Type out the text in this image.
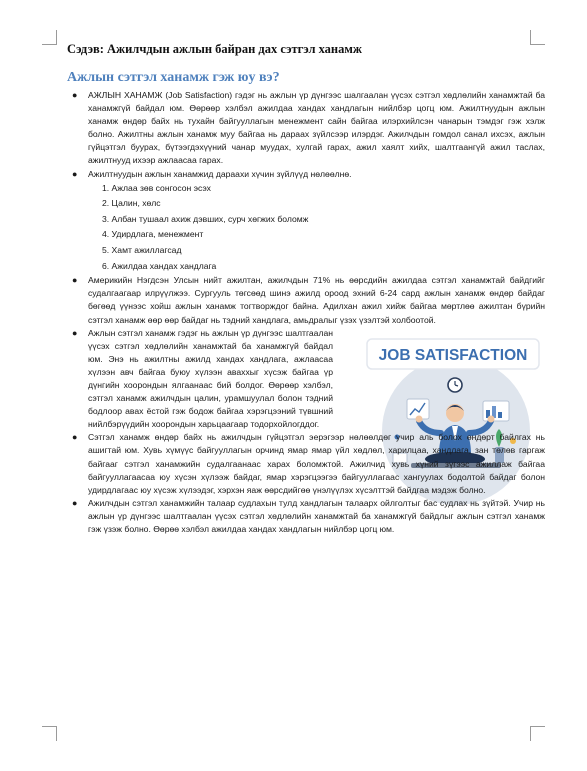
Сэдэв: Ажилчдын ажлын байран дах сэтгэл ханамж
Ажлын сэтгэл ханамж гэж юу вэ?
● АЖЛЫН ХАНАМЖ (Job Satisfaction) гэдэг нь ажлын үр дүнгээс шалгаалан үүсэх сэтгэл хөдлөлийн ханамжтай ба ханамжгүй байдал юм. Өөрөөр хэлбэл ажилдаа хандах хандлагын нийлбэр цогц юм. Ажилтнуудын ажлын ханамж өндөр байх нь тухайн байгууллагын менежмент сайн байгаа илэрхийлсэн чанарын тэмдэг гэж хэлж болно. Ажилтны ажлын ханамж муу байгаа нь дараах зүйлсээр илэрдэг. Ажилчдын гомдол санал ихсэх, ажлын гүйцэтгэл буурах, бүтээгдэхүүний чанар муудах, хулгай гарах, ажил хаялт хийх, шалтгаангүй ажил таслах, ажилтнууд ихээр ажлаасаа гарах.
● Ажилтнуудын ажлын ханамжид дараахи хүчин зүйлүүд нөлөөлнө.
1. Ажлаа зөв сонгосон эсэх
2. Цалин, хөлс
3. Албан тушаал ахиж дэвших, сурч хөгжих боломж
4. Удирдлага, менежмент
5. Хамт ажиллагсад
6. Ажилдаа хандах хандлага
● Америкийн Нэгдсэн Улсын нийт ажилтан, ажилчдын 71% нь өөрсдийн ажилдаа сэтгэл ханамжтай байдгийг судалгаагаар илрүүлжээ. Сургууль төгсөөд шинэ ажилд ороод эхний 6-24 сард ажлын ханамж өндөр байдаг бөгөөд үүнээс хойш ажлын ханамж тогтворждог байна. Адилхан ажил хийж байгаа мөртлөө ажилтан бүрийн сэтгэл ханамж өөр өөр байдаг нь тэдний хандлага, амьдралыг үзэх үзэлтэй холбоотой.
● Ажлын сэтгэл ханамж гэдэг нь ажлын үр дүнгээс шалтгаалан үүсэх сэтгэл хөдлөлийн ханамжтай ба ханамжгүй байдал юм. Энэ нь ажилтны ажилд хандах хандлага, ажлаасаа хүлээн авч байгаа буюу хүлээн аваххыг хүсэж байгаа үр дүнгийн хоорондын ялгаанаас бий болдог. Өөрөөр хэлбэл, сэтгэл ханамж ажилчдын цалин, урамшуулал болон тэдний бодлоор авах ёстой гэж бодож байгаа хэрэгцээний түвшний нийлбэрүүдийн хоорондын харьцаагаар тодорхойлогддог.
JOB SATISFACTION
● Сэтгэл ханамж өндөр байх нь ажилчдын гүйцэтгэл эерэгээр нөлөөлдөг учир аль болох өндөрт байлгах нь ашигтай юм. Хувь хүмүүс байгууллагын орчинд ямар ямар үйл хөдлөл, харилцаа, хандлага, зан төлөв гаргаж байгааг сэтгэл ханамжийн судалгаанаас харах боломжтой. Ажилчид хувь хүний зүгээс ажиллаж байгаа байгууллагаасаа юу хүсэн хүлээж байдаг, ямар хэрэгцээгээ байгууллагаас хангуулах бодолтой байдаг болон удирдлагаас юу хүсэж хүлээдэг, хэрхэн яаж өөрсдийгөө үнэлүүлэх хүсэлттэй байдгаа мэдэж болно.
● Ажилчдын сэтгэл ханамжийн талаар судлахын тулд хандлагын талаарх ойлголтыг бас судлах нь зүйтэй. Учир нь ажлын үр дүнгээс шалтгаалан үүсэх сэтгэл хөдлөлийн ханамжтай ба ханамжгүй байдлыг ажлын сэтгэл ханамж гэж үзэж болно. Өөрөө хэлбэл ажилдаа хандах хандлагын нийлбэр цогц юм.
